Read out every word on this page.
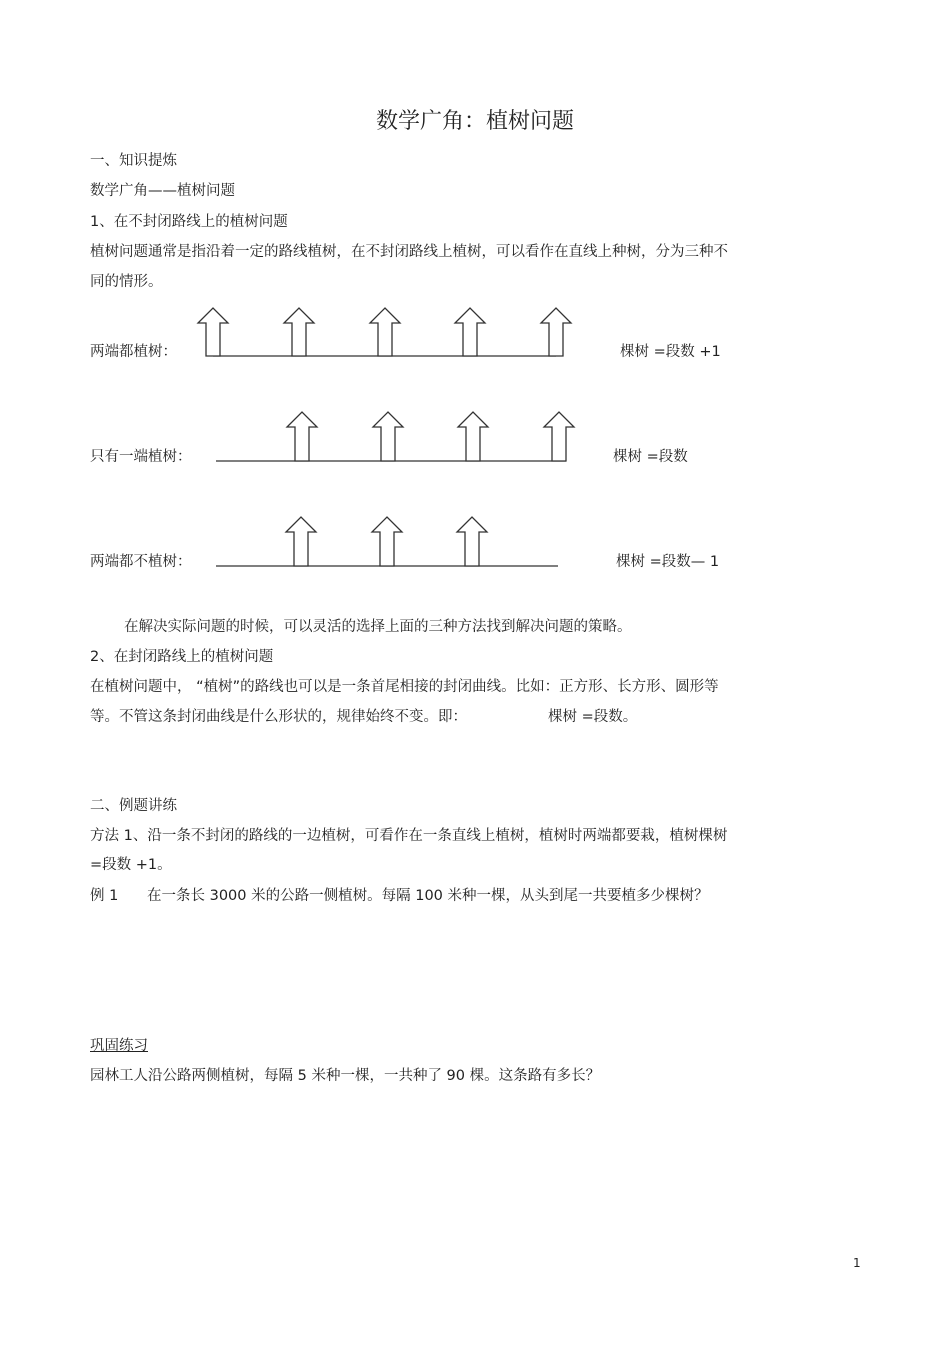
数学广角：植树问题
一、知识提炼
数学广角——植树问题
1、在不封闭路线上的植树问题
植树问题通常是指沿着一定的路线植树，在不封闭路线上植树，可以看作在直线上种树，分为三种不
同的情形。
两端都植树：	棵树 =段数 +1
只有一端植树：	棵树 =段数
两端都不植树：	棵树 =段数— 1
在解决实际问题的时候，可以灵活的选择上面的三种方法找到解决问题的策略。
2、在封闭路线上的植树问题
在植树问题中， “植树”的路线也可以是一条首尾相接的封闭曲线。比如：正方形、长方形、圆形等
等。不管这条封闭曲线是什么形状的，规律始终不变。即：	棵树 =段数。
二、例题讲练
方法 1、沿一条不封闭的路线的一边植树，可看作在一条直线上植树，植树时两端都要栽，植树棵树
=段数 +1。
例 1 在一条长 3000 米的公路一侧植树。每隔 100 米种一棵，从头到尾一共要植多少棵树？
巩固练习
园林工人沿公路两侧植树，每隔 5 米种一棵，一共种了 90 棵。这条路有多长？
1
